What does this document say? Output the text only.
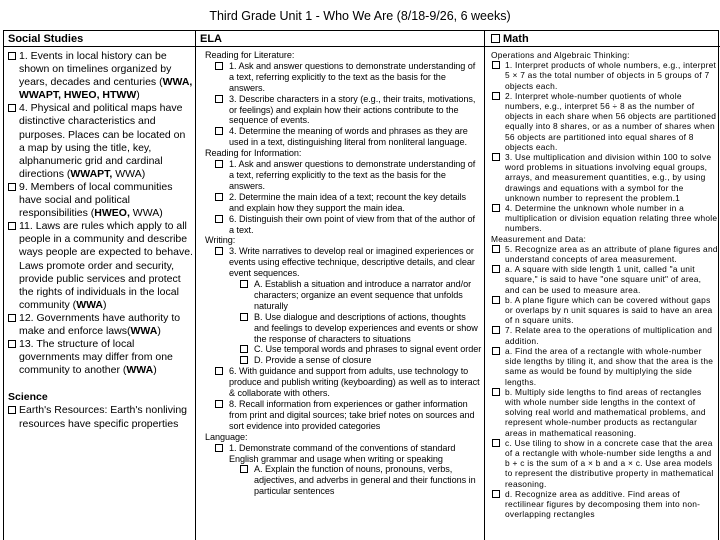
Third Grade Unit 1 - Who We Are (8/18-9/26, 6 weeks)
Social Studies
1. Events in local history can be shown on timelines organized by years, decades and centuries (WWA, WWAPT, HWEO, HTWW)
4. Physical and political maps have distinctive characteristics and purposes. Places can be located on a map by using the title, key, alphanumeric grid and cardinal directions (WWAPT, WWA)
9. Members of local communities have social and political responsibilities (HWEO, WWA)
11. Laws are rules which apply to all people in a community and describe ways people are expected to behave. Laws promote order and security, provide public services and protect the rights of individuals in the local community (WWA)
12. Governments have authority to make and enforce laws(WWA)
13. The structure of local governments may differ from one community to another (WWA)
Science
Earth's Resources: Earth's nonliving resources have specific properties
ELA
Reading for Literature:
1. Ask and answer questions to demonstrate understanding of a text, referring explicitly to the text as the basis for the answers.
3. Describe characters in a story (e.g., their traits, motivations, or feelings) and explain how their actions contribute to the sequence of events.
4. Determine the meaning of words and phrases as they are used in a text, distinguishing literal from nonliteral language.
Reading for Information:
1. Ask and answer questions to demonstrate understanding of a text, referring explicitly to the text as the basis for the answers.
2. Determine the main idea of a text; recount the key details and explain how they support the main idea.
6. Distinguish their own point of view from that of the author of a text.
Writing:
3. Write narratives to develop real or imagined experiences or events using effective technique, descriptive details, and clear event sequences.
A. Establish a situation and introduce a narrator and/or characters; organize an event sequence that unfolds naturally
B. Use dialogue and descriptions of actions, thoughts and feelings to develop experiences and events or show the response of characters to situations
C. Use temporal words and phrases to signal event order
D. Provide a sense of closure
6. With guidance and support from adults, use technology to produce and publish writing (keyboarding) as well as to interact & collaborate with others.
8. Recall information from experiences or gather information from print and digital sources; take brief notes on sources and sort evidence into provided categories
Language:
1. Demonstrate command of the conventions of standard English grammar and usage when writing or speaking
A. Explain the function of nouns, pronouns, verbs, adjectives, and adverbs in general and their functions in particular sentences
Math
Operations and Algebraic Thinking:
1. Interpret products of whole numbers, e.g., interpret 5 × 7 as the total number of objects in 5 groups of 7 objects each.
2. Interpret whole-number quotients of whole numbers, e.g., interpret 56 ÷ 8 as the number of objects in each share when 56 objects are partitioned equally into 8 shares, or as a number of shares when 56 objects are partitioned into equal shares of 8 objects each.
3. Use multiplication and division within 100 to solve word problems in situations involving equal groups, arrays, and measurement quantities, e.g., by using drawings and equations with a symbol for the unknown number to represent the problem.1
4. Determine the unknown whole number in a multiplication or division equation relating three whole numbers.
Measurement and Data:
5. Recognize area as an attribute of plane figures and understand concepts of area measurement.
a. A square with side length 1 unit, called "a unit square," is said to have "one square unit" of area, and can be used to measure area.
b. A plane figure which can be covered without gaps or overlaps by n unit squares is said to have an area of n square units.
7. Relate area to the operations of multiplication and addition.
a. Find the area of a rectangle with whole-number side lengths by tiling it, and show that the area is the same as would be found by multiplying the side lengths.
b. Multiply side lengths to find areas of rectangles with whole number side lengths in the context of solving real world and mathematical problems, and represent whole-number products as rectangular areas in mathematical reasoning.
c. Use tiling to show in a concrete case that the area of a rectangle with whole-number side lengths a and b + c is the sum of a × b and a × c. Use area models to represent the distributive property in mathematical reasoning.
d. Recognize area as additive. Find areas of rectilinear figures by decomposing them into non-overlapping rectangles
